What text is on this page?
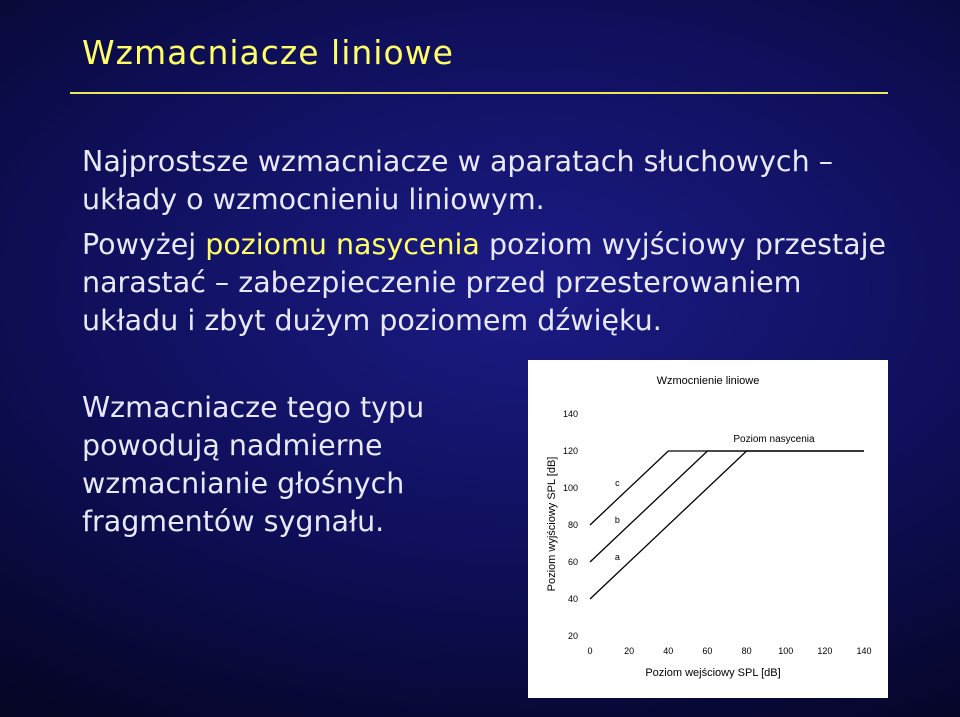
Wzmacniacze liniowe

Najprostsze wzmacniacze w aparatach słuchowych – układy o wzmocnieniu liniowym.

Powyżej poziomu nasycenia poziom wyjściowy przestaje narastać – zabezpieczenie przed przesterowaniem układu i zbyt dużym poziomem dźwięku.

Wzmacniacze tego typu powodują nadmierne wzmacnianie głośnych fragmentów sygnału.

Wzmocnienie liniowe
Poziom wejściowy SPL [dB]
Poziom wyjściowy SPL [dB]
20
40
60
80
100
120
140
0	20	40	60	80	100	120	140
Poziom nasycenia
c
b
a
